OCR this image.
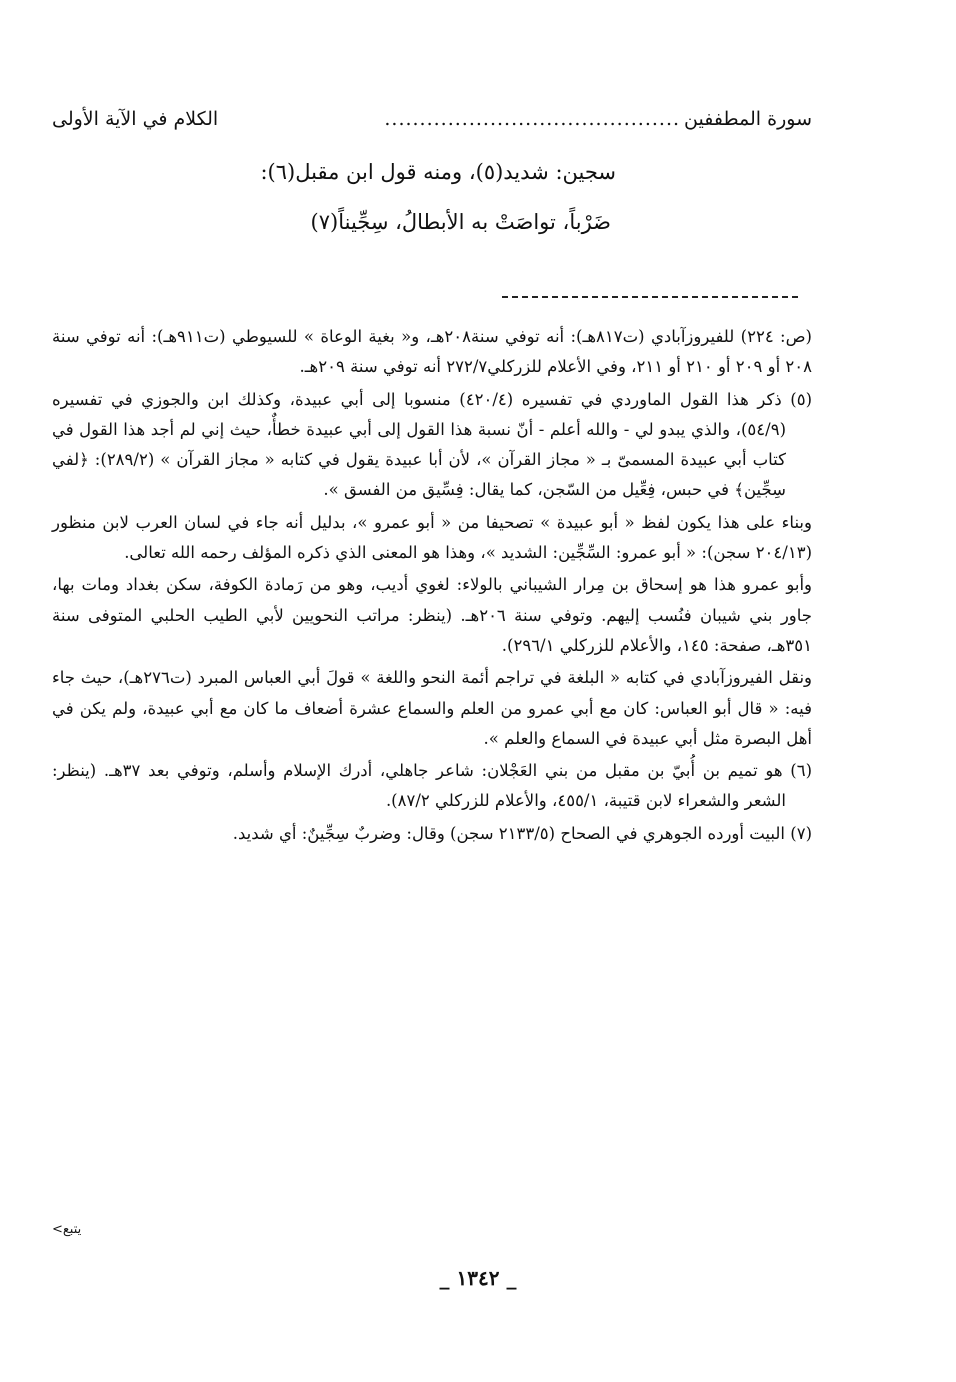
سورة المطففين
..........................................
الكلام في الآية الأولى
سجين: شديد(٥)، ومنه قول ابن مقبل(٦):
ضَرْباً، تواصَتْ به الأبطالُ، سِجِّيناً(٧)

(ص: ٢٢٤) للفيروزآبادي (ت٨١٧هـ): أنه توفي سنة٢٠٨هـ، و« بغية الوعاة » للسيوطي (ت٩١١هـ): أنه توفي سنة ٢٠٨ أو ٢٠٩ أو ٢١٠ أو ٢١١، وفي الأعلام للزركلي٢٧٢/٧ أنه توفي سنة ٢٠٩هـ.

(٥) ذكر هذا القول الماوردي في تفسيره (٤٢٠/٤) منسوبا إلى أبي عبيدة، وكذلك ابن والجوزي في تفسيره (٥٤/٩)، والذي يبدو لي - والله أعلم - أنّ نسبة هذا القول إلى أبي عبيدة خطأٌ، حيث إني لم أجد هذا القول في كتاب أبي عبيدة المسمىّ بـ « مجاز القرآن »، لأن أبا عبيدة يقول في كتابه « مجاز القرآن » (٢٨٩/٢): ﴿لفي سِجِّين﴾ في حبس، فِعِّيل من السّجن، كما يقال: فِسِّيق من الفسق ».

وبناء على هذا يكون لفظ « أبو عبيدة » تصحيفا من « أبو عمرو »، بدليل أنه جاء في لسان العرب لابن منظور (٢٠٤/١٣ سجن): « أبو عمرو: السِّجِّين: الشديد »، وهذا هو المعنى الذي ذكره المؤلف رحمه الله تعالى.

وأبو عمرو هذا هو إسحاق بن مِرار الشيباني بالولاء: لغوي أديب، وهو من رَمادة الكوفة، سكن بغداد ومات بها، جاور بني شيبان فنُسب إليهم. وتوفي سنة ٢٠٦هـ. (ينظر: مراتب النحويين لأبي الطيب الحلبي المتوفى سنة ٣٥١هـ، صفحة: ١٤٥، والأعلام للزركلي ٢٩٦/١).

ونقل الفيروزآبادي في كتابه « البلغة في تراجم أئمة النحو واللغة » قولَ أبي العباس المبرد (ت٢٧٦هـ)، حيث جاء فيه: « قال أبو العباس: كان مع أبي عمرو من العلم والسماع عشرة أضعاف ما كان مع أبي عبيدة، ولم يكن في أهل البصرة مثل أبي عبيدة في السماع والعلم ».

(٦) هو تميم بن أُبيّ بن مقبل من بني العَجْلان: شاعر جاهلي، أدرك الإسلام وأسلم، وتوفي بعد ٣٧هـ. (ينظر: الشعر والشعراء لابن قتيبة، ٤٥٥/١، والأعلام للزركلي ٨٧/٢).

(٧) البيت أورده الجوهري في الصحاح (٢١٣٣/٥ سجن) وقال: وضربٌ سِجِّينٌ: أي شديد.

يتبع>
_ ١٣٤٢ _
